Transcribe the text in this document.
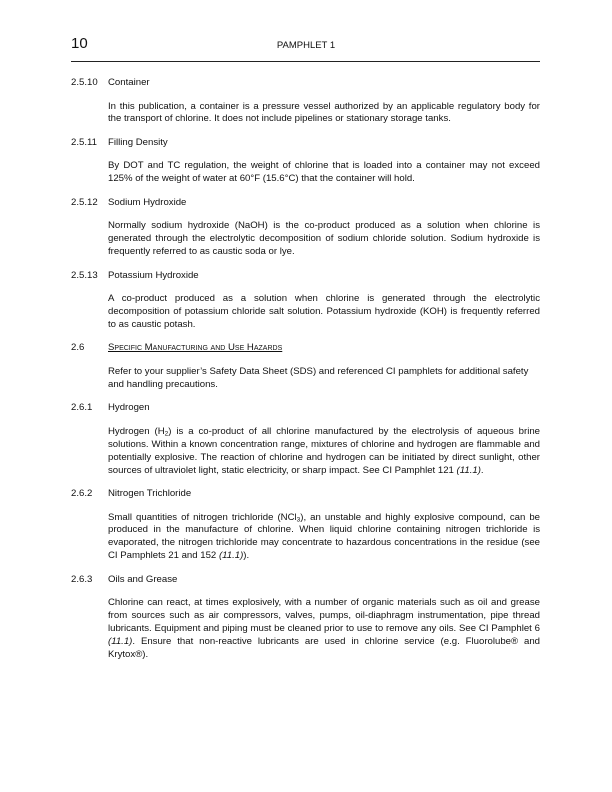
10	PAMPHLET 1
2.5.10	Container
In this publication, a container is a pressure vessel authorized by an applicable regulatory body for the transport of chlorine. It does not include pipelines or stationary storage tanks.
2.5.11	Filling Density
By DOT and TC regulation, the weight of chlorine that is loaded into a container may not exceed 125% of the weight of water at 60°F (15.6°C) that the container will hold.
2.5.12	Sodium Hydroxide
Normally sodium hydroxide (NaOH) is the co-product produced as a solution when chlorine is generated through the electrolytic decomposition of sodium chloride solution. Sodium hydroxide is frequently referred to as caustic soda or lye.
2.5.13	Potassium Hydroxide
A co-product produced as a solution when chlorine is generated through the electrolytic decomposition of potassium chloride salt solution. Potassium hydroxide (KOH) is frequently referred to as caustic potash.
2.6	Specific Manufacturing and Use Hazards
Refer to your supplier’s Safety Data Sheet (SDS) and referenced CI pamphlets for additional safety and handling precautions.
2.6.1	Hydrogen
Hydrogen $(H_2)$ is a co-product of all chlorine manufactured by the electrolysis of aqueous brine solutions. Within a known concentration range, mixtures of chlorine and hydrogen are flammable and potentially explosive. The reaction of chlorine and hydrogen can be initiated by direct sunlight, other sources of ultraviolet light, static electricity, or sharp impact. See CI Pamphlet 121 (11.1).
2.6.2	Nitrogen Trichloride
Small quantities of nitrogen trichloride (NCl$_3$), an unstable and highly explosive compound, can be produced in the manufacture of chlorine. When liquid chlorine containing nitrogen trichloride is evaporated, the nitrogen trichloride may concentrate to hazardous concentrations in the residue (see CI Pamphlets 21 and 152 (11.1)).
2.6.3	Oils and Grease
Chlorine can react, at times explosively, with a number of organic materials such as oil and grease from sources such as air compressors, valves, pumps, oil-diaphragm instrumentation, pipe thread lubricants. Equipment and piping must be cleaned prior to use to remove any oils. See CI Pamphlet 6 (11.1). Ensure that non-reactive lubricants are used in chlorine service (e.g. Fluorolube® and Krytox®).
